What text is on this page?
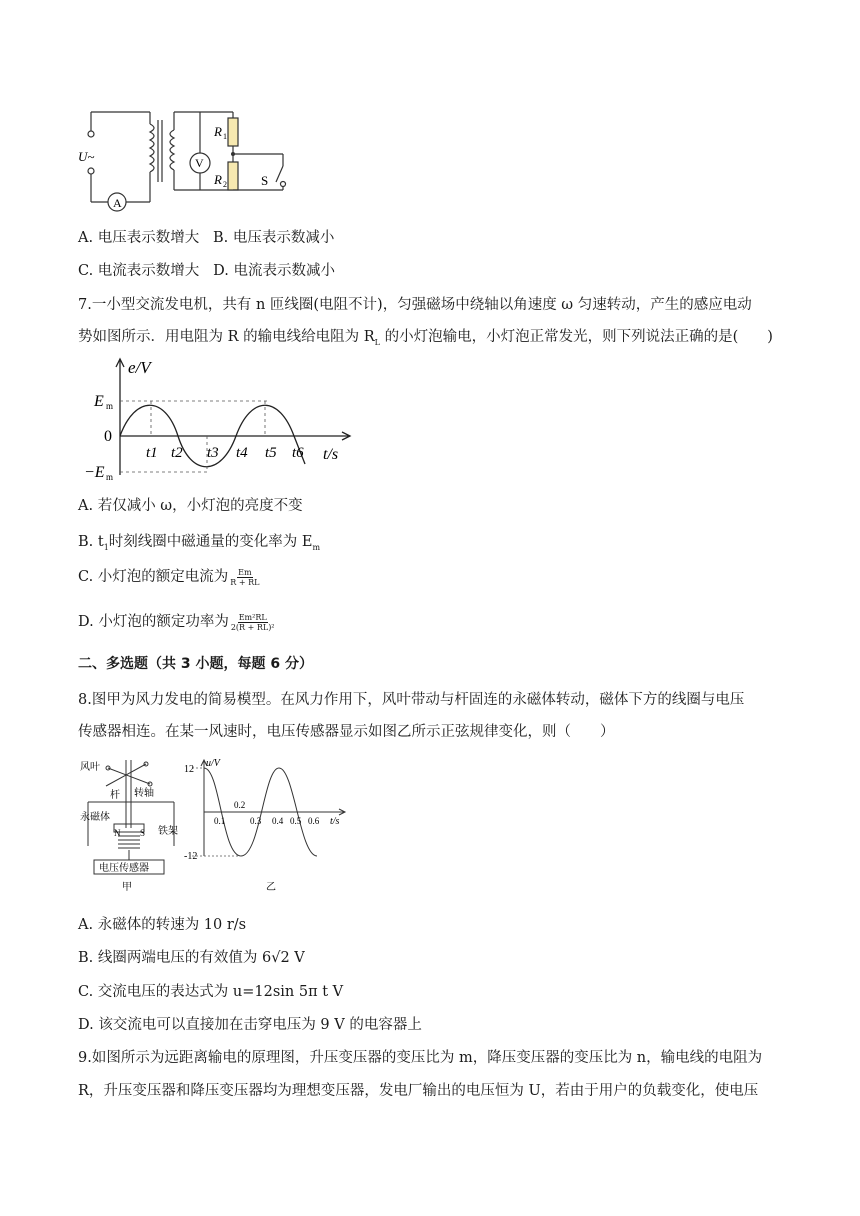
U~
A
V
R 1
R 2	S
A. 电压表示数增大 B. 电压表示数减小
C. 电流表示数增大 D. 电流表示数减小
7.一小型交流发电机，共有 n 匝线圈(电阻不计)，匀强磁场中绕轴以角速度 ω 匀速转动，产生的感应电动
势如图所示．用电阻为 R 的输电线给电阻为 $R_L$ 的小灯泡输电，小灯泡正常发光，则下列说法正确的是(　　)
e/V
t/s
E m
0
−E m
t1 t2 t3 t4 t5 t6
A. 若仅减小 ω，小灯泡的亮度不变
B. $t_1$时刻线圈中磁通量的变化率为 $E_m$
C. 小灯泡的额定电流为 $\frac{Em}{R + RL}$
D. 小灯泡的额定功率为 $\frac{\text{Em²RL}}{\text{2(R + RL)²}}$
二、多选题（共 3 小题，每题 6 分）
8.图甲为风力发电的简易模型。在风力作用下，风叶带动与杆固连的永磁体转动，磁体下方的线圈与电压
传感器相连。在某一风速时，电压传感器显示如图乙所示正弦规律变化，则（　　）
风叶
杆 转轴
永磁体
N S 铁架
电压传感器
甲
u/V
t/s
12
-12
0.1
0.2
0.3 0.4 0.5 0.6
乙
A. 永磁体的转速为 10 r/s
B. 线圈两端电压的有效值为 6√2 V
C. 交流电压的表达式为 u=12sin 5π t V
D. 该交流电可以直接加在击穿电压为 9 V 的电容器上
9.如图所示为远距离输电的原理图，升压变压器的变压比为 m，降压变压器的变压比为 n，输电线的电阻为
R，升压变压器和降压变压器均为理想变压器，发电厂输出的电压恒为 U，若由于用户的负载变化，使电压
